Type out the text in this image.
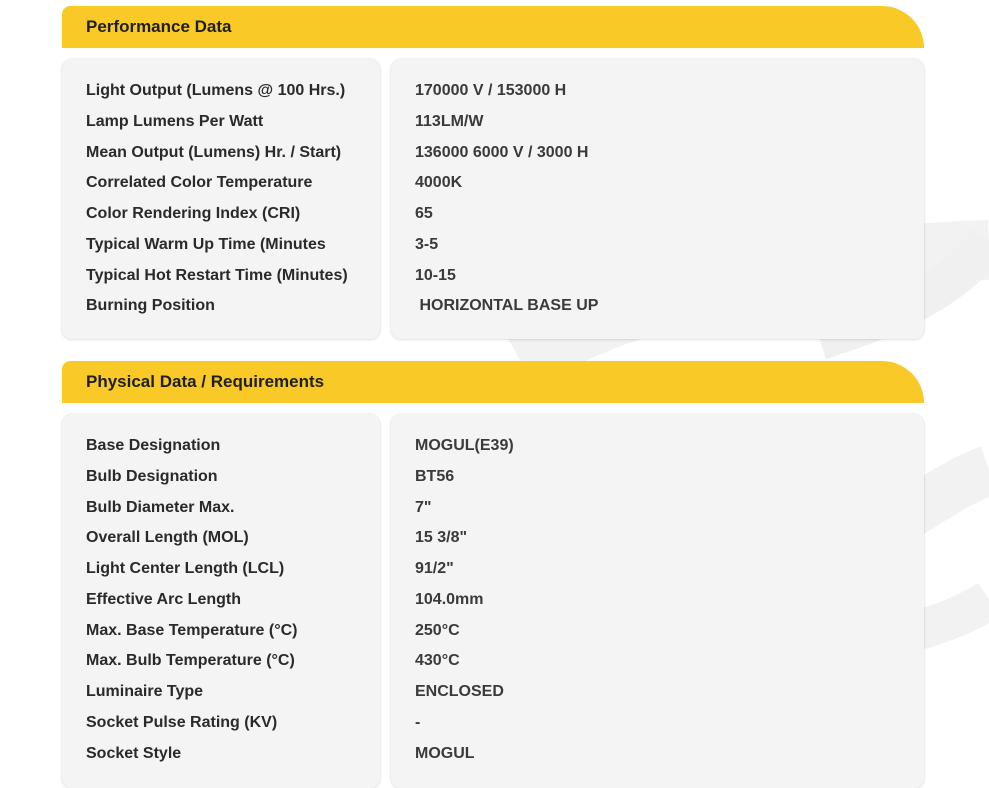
Performance Data
Light Output (Lumens @ 100 Hrs.)
Lamp Lumens Per Watt
Mean Output (Lumens) Hr. / Start)
Correlated Color Temperature
Color Rendering Index (CRI)
Typical Warm Up Time (Minutes
Typical Hot Restart Time (Minutes)
Burning Position
170000 V / 153000 H
113LM/W
136000 6000 V / 3000 H
4000K
65
3-5
10-15
HORIZONTAL BASE UP
Physical Data / Requirements
Base Designation
Bulb Designation
Bulb Diameter Max.
Overall Length (MOL)
Light Center Length (LCL)
Effective Arc Length
Max. Base Temperature (°C)
Max. Bulb Temperature (°C)
Luminaire Type
Socket Pulse Rating (KV)
Socket Style
MOGUL(E39)
BT56
7"
15 3/8"
91/2"
104.0mm
250°C
430°C
ENCLOSED
-
MOGUL
